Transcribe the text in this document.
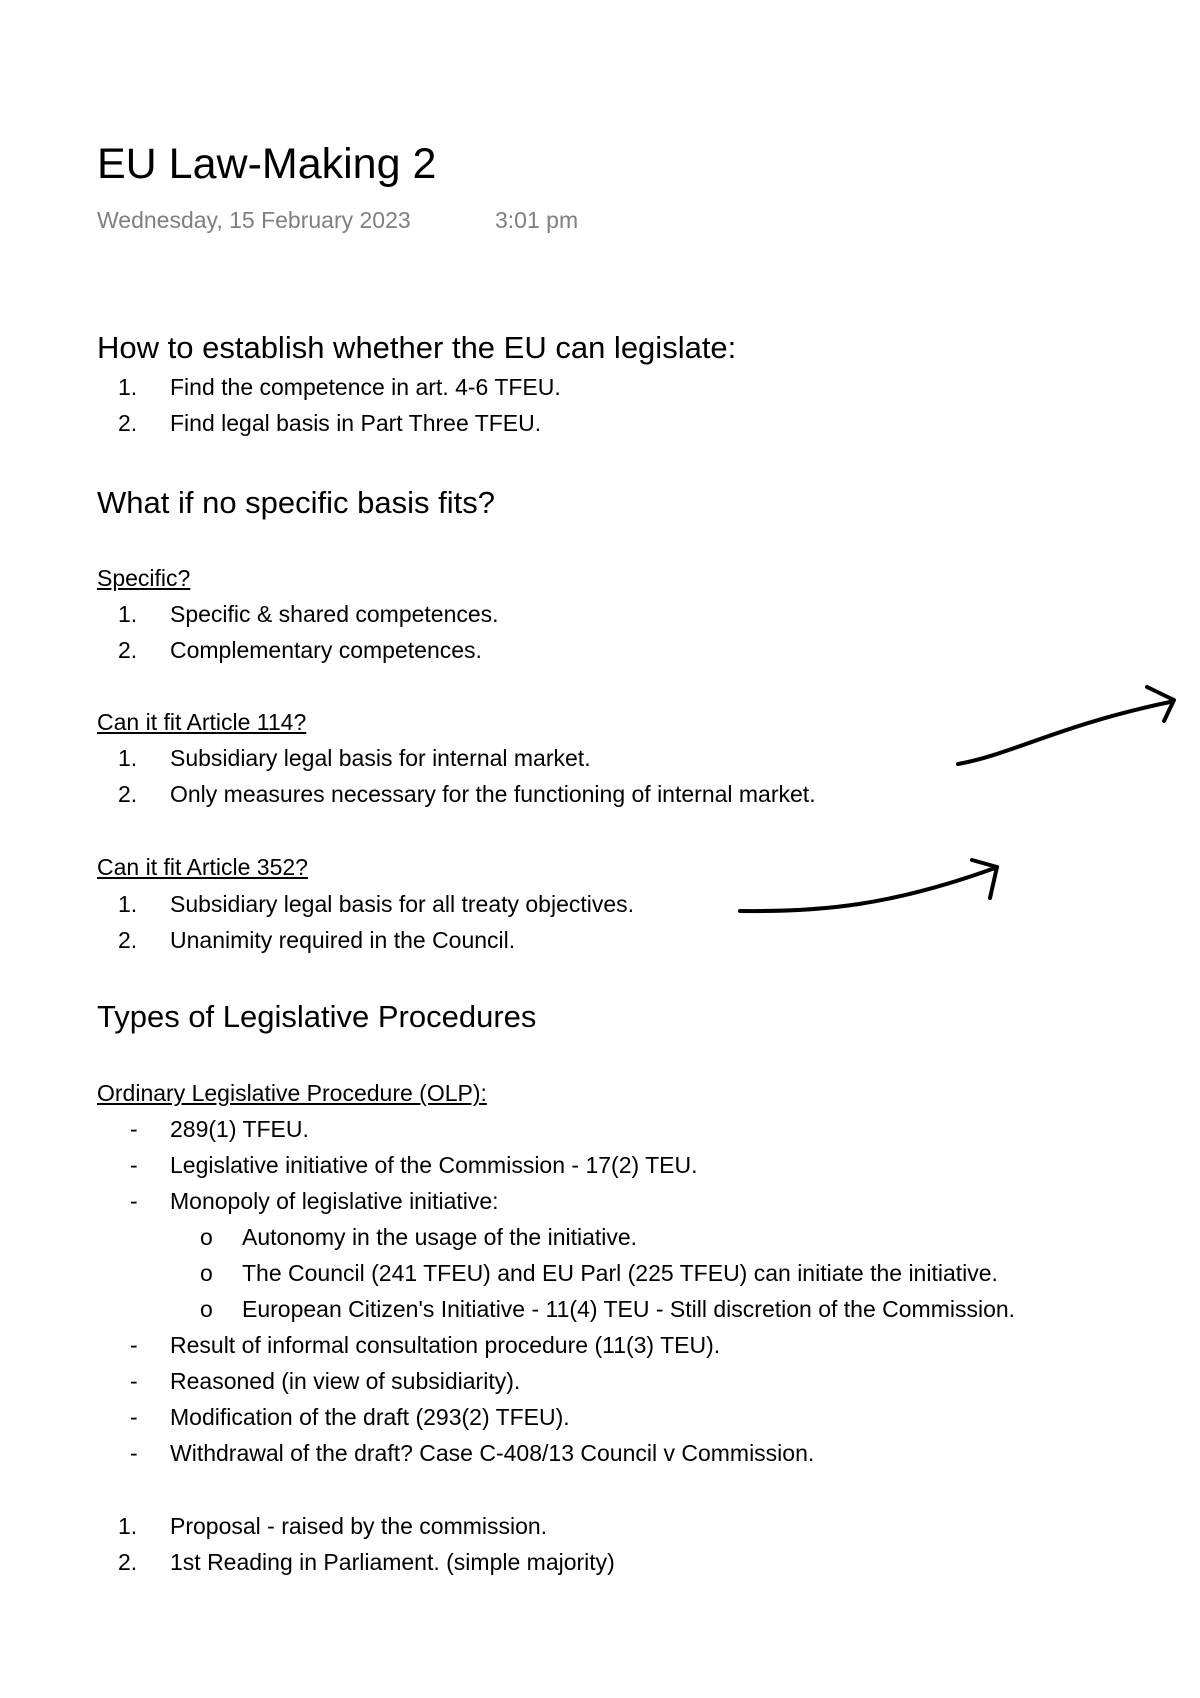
EU Law-Making 2
Wednesday, 15 February 2023	3:01 pm
How to establish whether the EU can legislate:
1. Find the competence in art. 4-6 TFEU.
2. Find legal basis in Part Three TFEU.
What if no specific basis fits?
Specific?
1. Specific & shared competences.
2. Complementary competences.
Can it fit Article 114?
1. Subsidiary legal basis for internal market.
2. Only measures necessary for the functioning of internal market.
Can it fit Article 352?
1. Subsidiary legal basis for all treaty objectives.
2. Unanimity required in the Council.
Types of Legislative Procedures
Ordinary Legislative Procedure (OLP):
- 289(1) TFEU.
- Legislative initiative of the Commission - 17(2) TEU.
- Monopoly of legislative initiative:
o Autonomy in the usage of the initiative.
o The Council (241 TFEU) and EU Parl (225 TFEU) can initiate the initiative.
o European Citizen's Initiative - 11(4) TEU - Still discretion of the Commission.
- Result of informal consultation procedure (11(3) TEU).
- Reasoned (in view of subsidiarity).
- Modification of the draft (293(2) TFEU).
- Withdrawal of the draft? Case C-408/13 Council v Commission.
1. Proposal - raised by the commission.
2. 1st Reading in Parliament. (simple majority)
